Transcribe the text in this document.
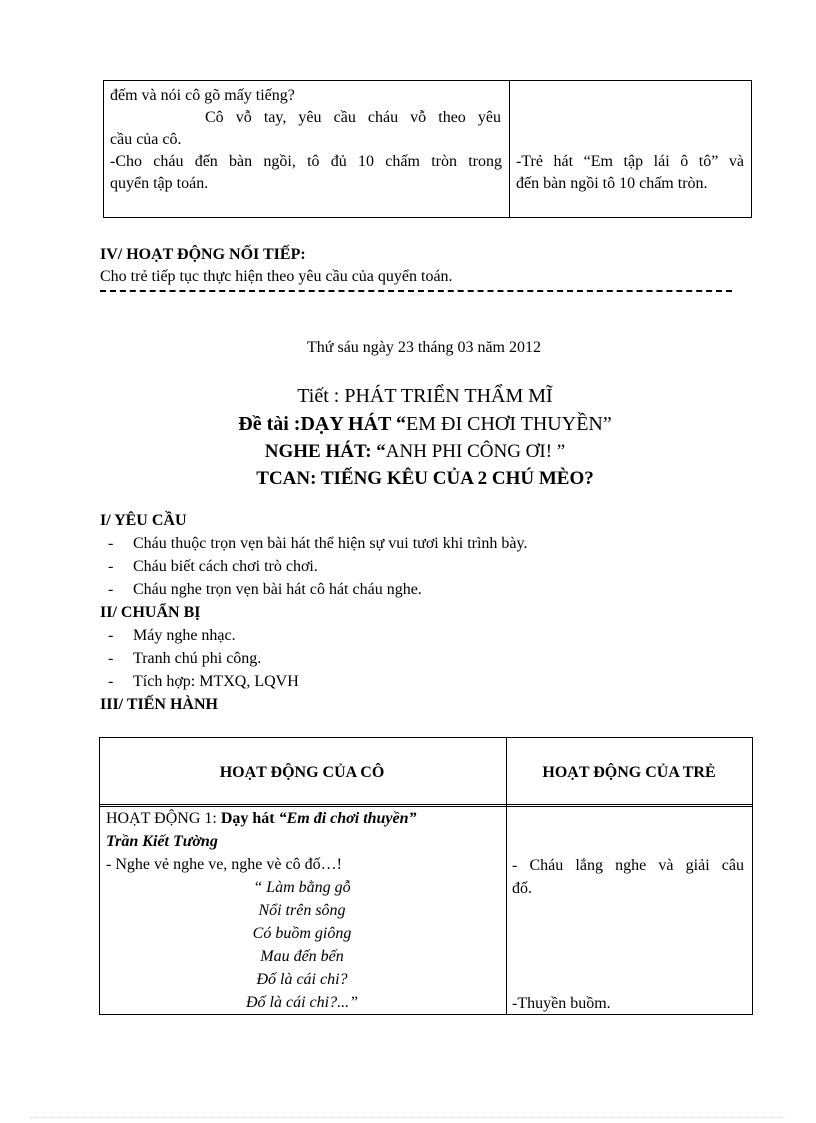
đếm và nói cô gõ mấy tiếng?
Cô vỗ tay, yêu cầu cháu vỗ theo yêu
cầu của cô.
-Cho cháu đến bàn ngồi, tô đủ 10 chấm tròn trong
quyển tập toán.
-Trẻ hát “Em tập lái ô tô” và
đến bàn ngồi tô 10 chấm tròn.
IV/ HOẠT ĐỘNG NỐI TIẾP:
Cho trẻ tiếp tục thực hiện theo yêu cầu của quyển toán.
Thứ sáu ngày 23 tháng 03 năm 2012
Tiết : PHÁT TRIỂN THẨM MĨ
Đề tài :DẠY HÁT “EM ĐI CHƠI THUYỀN”
NGHE HÁT: “ANH PHI CÔNG ƠI! ”
TCAN: TIẾNG KÊU CỦA 2 CHÚ MÈO?
I/ YÊU CẦU
- Cháu thuộc trọn vẹn bài hát thể hiện sự vui tươi khi trình bày.
- Cháu biết cách chơi trò chơi.
- Cháu nghe trọn vẹn bài hát cô hát cháu nghe.
II/ CHUẨN BỊ
- Máy nghe nhạc.
- Tranh chú phi công.
- Tích hợp: MTXQ, LQVH
III/ TIẾN HÀNH
HOẠT ĐỘNG CỦA CÔ	HOẠT ĐỘNG CỦA TRẺ
HOẠT ĐỘNG 1: Dạy hát “Em đi chơi thuyền”
Trần Kiết Tường
- Nghe vẻ nghe ve, nghe vè cô đố…!
“ Làm bằng gỗ
Nổi trên sông
Có buồm giông
Mau đến bến
Đố là cái chi?
Đố là cái chi?...”
- Cháu lắng nghe và giải câu
đố.
-Thuyền buồm.
